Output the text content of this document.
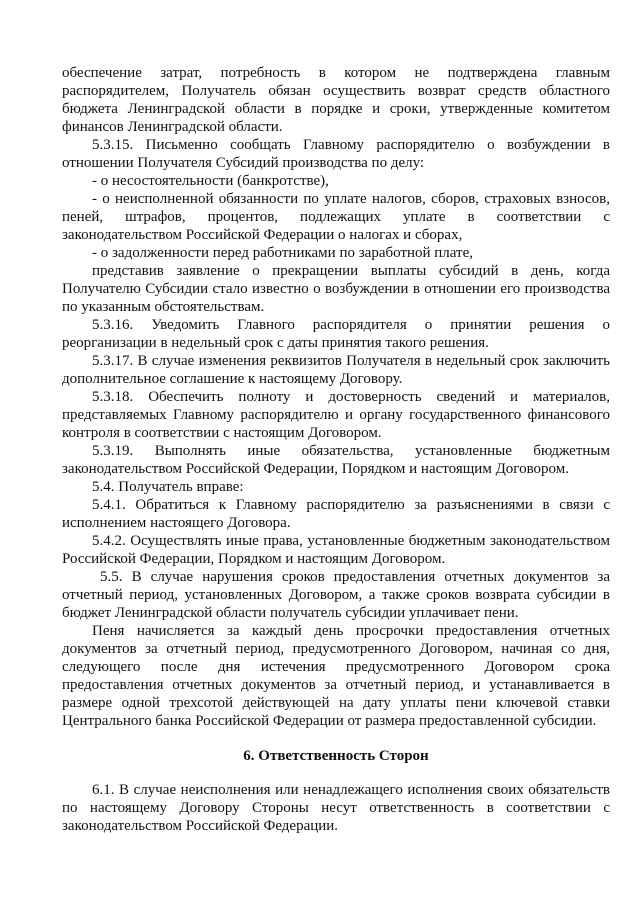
обеспечение затрат, потребность в котором не подтверждена главным
распорядителем, Получатель обязан осуществить возврат средств областного
бюджета Ленинградской области в порядке и сроки, утвержденные комитетом
финансов Ленинградской области.
5.3.15. Письменно сообщать Главному распорядителю о возбуждении в
отношении Получателя Субсидий производства по делу:
- о несостоятельности (банкротстве),
- о неисполненной обязанности по уплате налогов, сборов, страховых взносов,
пеней, штрафов, процентов, подлежащих уплате в соответствии с
законодательством Российской Федерации о налогах и сборах,
- о задолженности перед работниками по заработной плате,
представив заявление о прекращении выплаты субсидий в день, когда
Получателю Субсидии стало известно о возбуждении в отношении его производства
по указанным обстоятельствам.
5.3.16. Уведомить Главного распорядителя о принятии решения о
реорганизации в недельный срок с даты принятия такого решения.
5.3.17. В случае изменения реквизитов Получателя в недельный срок заключить
дополнительное соглашение к настоящему Договору.
5.3.18. Обеспечить полноту и достоверность сведений и материалов,
представляемых Главному распорядителю и органу государственного финансового
контроля в соответствии с настоящим Договором.
5.3.19. Выполнять иные обязательства, установленные бюджетным
законодательством Российской Федерации, Порядком и настоящим Договором.
5.4. Получатель вправе:
5.4.1. Обратиться к Главному распорядителю за разъяснениями в связи с
исполнением настоящего Договора.
5.4.2. Осуществлять иные права, установленные бюджетным законодательством
Российской Федерации, Порядком и настоящим Договором.
5.5. В случае нарушения сроков предоставления отчетных документов за
отчетный период, установленных Договором, а также сроков возврата субсидии в
бюджет Ленинградской области получатель субсидии уплачивает пени.
Пеня начисляется за каждый день просрочки предоставления отчетных
документов за отчетный период, предусмотренного Договором, начиная со дня,
следующего после дня истечения предусмотренного Договором срока
предоставления отчетных документов за отчетный период, и устанавливается в
размере одной трехсотой действующей на дату уплаты пени ключевой ставки
Центрального банка Российской Федерации от размера предоставленной субсидии.
6. Ответственность Сторон
6.1. В случае неисполнения или ненадлежащего исполнения своих обязательств
по настоящему Договору Стороны несут ответственность в соответствии с
законодательством Российской Федерации.
